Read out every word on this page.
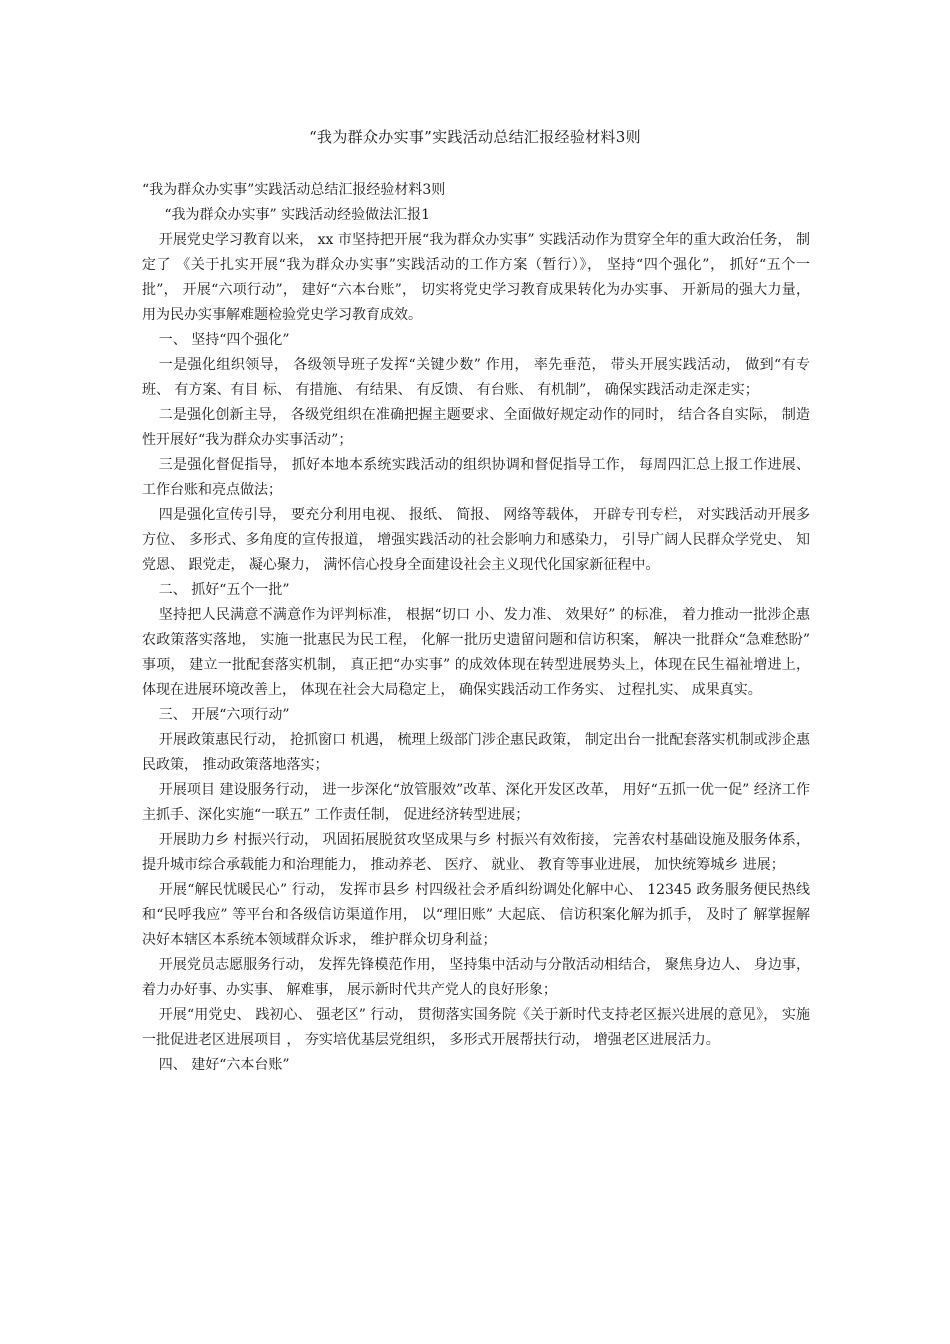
“我为群众办实事”实践活动总结汇报经验材料3则
“我为群众办实事”实践活动总结汇报经验材料3则
“我为群众办实事” 实践活动经验做法汇报1
开展党史学习教育以来， xx 市坚持把开展“我为群众办实事” 实践活动作为贯穿全年的重大政治任务， 制定了 《关于扎实开展“我为群众办实事”实践活动的工作方案（暂行）》， 坚持“四个强化”， 抓好“五个一批”， 开展“六项行动”， 建好“六本台账”， 切实将党史学习教育成果转化为办实事、 开新局的强大力量， 用为民办实事解难题检验党史学习教育成效。
一、 坚持“四个强化”
一是强化组织领导， 各级领导班子发挥“关键少数” 作用， 率先垂范， 带头开展实践活动， 做到“有专班、 有方案、有目 标、 有措施、 有结果、 有反馈、 有台账、 有机制”， 确保实践活动走深走实；
二是强化创新主导， 各级党组织在准确把握主题要求、全面做好规定动作的同时， 结合各自实际， 制造性开展好“我为群众办实事活动”；
三是强化督促指导， 抓好本地本系统实践活动的组织协调和督促指导工作， 每周四汇总上报工作进展、 工作台账和亮点做法；
四是强化宣传引导， 要充分利用电视、 报纸、 简报、 网络等载体， 开辟专刊专栏， 对实践活动开展多方位、 多形式、多角度的宣传报道， 增强实践活动的社会影响力和感染力， 引导广阔人民群众学党史、 知党恩、 跟党走， 凝心聚力， 满怀信心投身全面建设社会主义现代化国家新征程中。
二、 抓好“五个一批”
坚持把人民满意不满意作为评判标准， 根据“切口 小、发力准、 效果好” 的标准， 着力推动一批涉企惠农政策落实落地， 实施一批惠民为民工程， 化解一批历史遗留问题和信访积案， 解决一批群众“急难愁盼” 事项， 建立一批配套落实机制， 真正把“办实事” 的成效体现在转型进展势头上，体现在民生福祉增进上， 体现在进展环境改善上， 体现在社会大局稳定上， 确保实践活动工作务实、 过程扎实、 成果真实。
三、 开展“六项行动”
开展政策惠民行动， 抢抓窗口 机遇， 梳理上级部门涉企惠民政策， 制定出台一批配套落实机制或涉企惠民政策， 推动政策落地落实；
开展项目 建设服务行动， 进一步深化“放管服效”改革、深化开发区改革， 用好“五抓一优一促” 经济工作主抓手、深化实施“一联五” 工作责任制， 促进经济转型进展；
开展助力乡 村振兴行动， 巩固拓展脱贫攻坚成果与乡 村振兴有效衔接， 完善农村基础设施及服务体系， 提升城市综合承载能力和治理能力， 推动养老、 医疗、 就业、 教育等事业进展， 加快统筹城乡 进展；
开展“解民忧暖民心” 行动， 发挥市县乡 村四级社会矛盾纠纷调处化解中心、 12345 政务服务便民热线和“民呼我应” 等平台和各级信访渠道作用， 以“理旧账” 大起底、 信访积案化解为抓手， 及时了 解掌握解决好本辖区本系统本领域群众诉求， 维护群众切身利益；
开展党员志愿服务行动， 发挥先锋模范作用， 坚持集中活动与分散活动相结合， 聚焦身边人、 身边事， 着力办好事、办实事、 解难事， 展示新时代共产党人的良好形象；
开展“用党史、 践初心、 强老区” 行动， 贯彻落实国务院《关于新时代支持老区振兴进展的意见》， 实施一批促进老区进展项目 ， 夯实培优基层党组织， 多形式开展帮扶行动， 增强老区进展活力。
四、 建好“六本台账”
